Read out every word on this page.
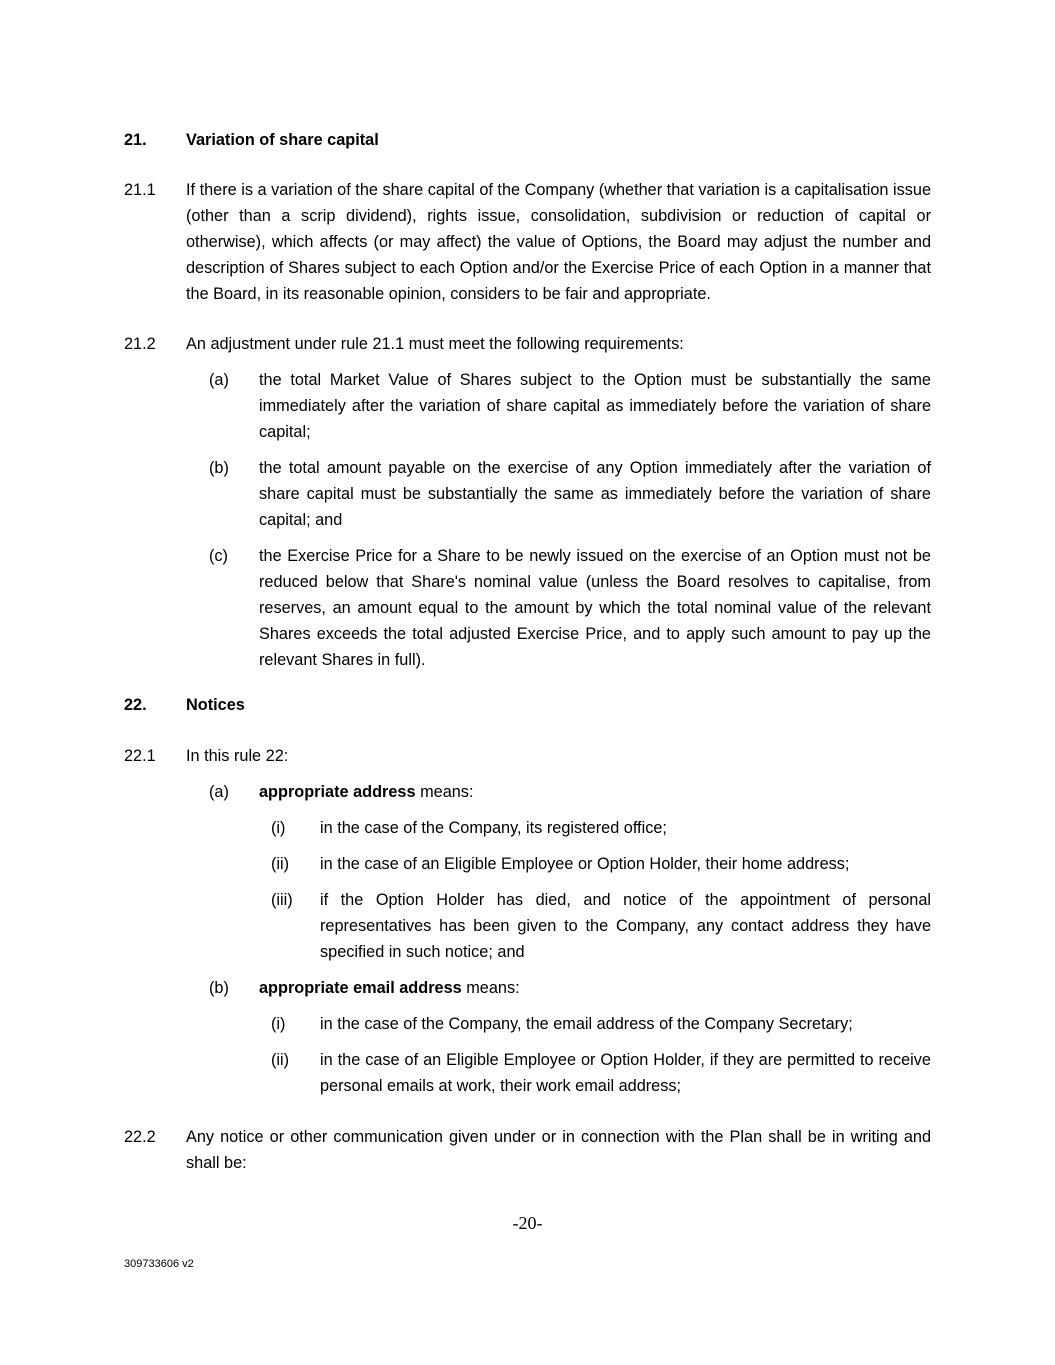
21. Variation of share capital
21.1 If there is a variation of the share capital of the Company (whether that variation is a capitalisation issue (other than a scrip dividend), rights issue, consolidation, subdivision or reduction of capital or otherwise), which affects (or may affect) the value of Options, the Board may adjust the number and description of Shares subject to each Option and/or the Exercise Price of each Option in a manner that the Board, in its reasonable opinion, considers to be fair and appropriate.
21.2 An adjustment under rule 21.1 must meet the following requirements:
(a) the total Market Value of Shares subject to the Option must be substantially the same immediately after the variation of share capital as immediately before the variation of share capital;
(b) the total amount payable on the exercise of any Option immediately after the variation of share capital must be substantially the same as immediately before the variation of share capital; and
(c) the Exercise Price for a Share to be newly issued on the exercise of an Option must not be reduced below that Share's nominal value (unless the Board resolves to capitalise, from reserves, an amount equal to the amount by which the total nominal value of the relevant Shares exceeds the total adjusted Exercise Price, and to apply such amount to pay up the relevant Shares in full).
22. Notices
22.1 In this rule 22:
(a) appropriate address means:
(i) in the case of the Company, its registered office;
(ii) in the case of an Eligible Employee or Option Holder, their home address;
(iii) if the Option Holder has died, and notice of the appointment of personal representatives has been given to the Company, any contact address they have specified in such notice; and
(b) appropriate email address means:
(i) in the case of the Company, the email address of the Company Secretary;
(ii) in the case of an Eligible Employee or Option Holder, if they are permitted to receive personal emails at work, their work email address;
22.2 Any notice or other communication given under or in connection with the Plan shall be in writing and shall be:
-20-
309733606 v2
